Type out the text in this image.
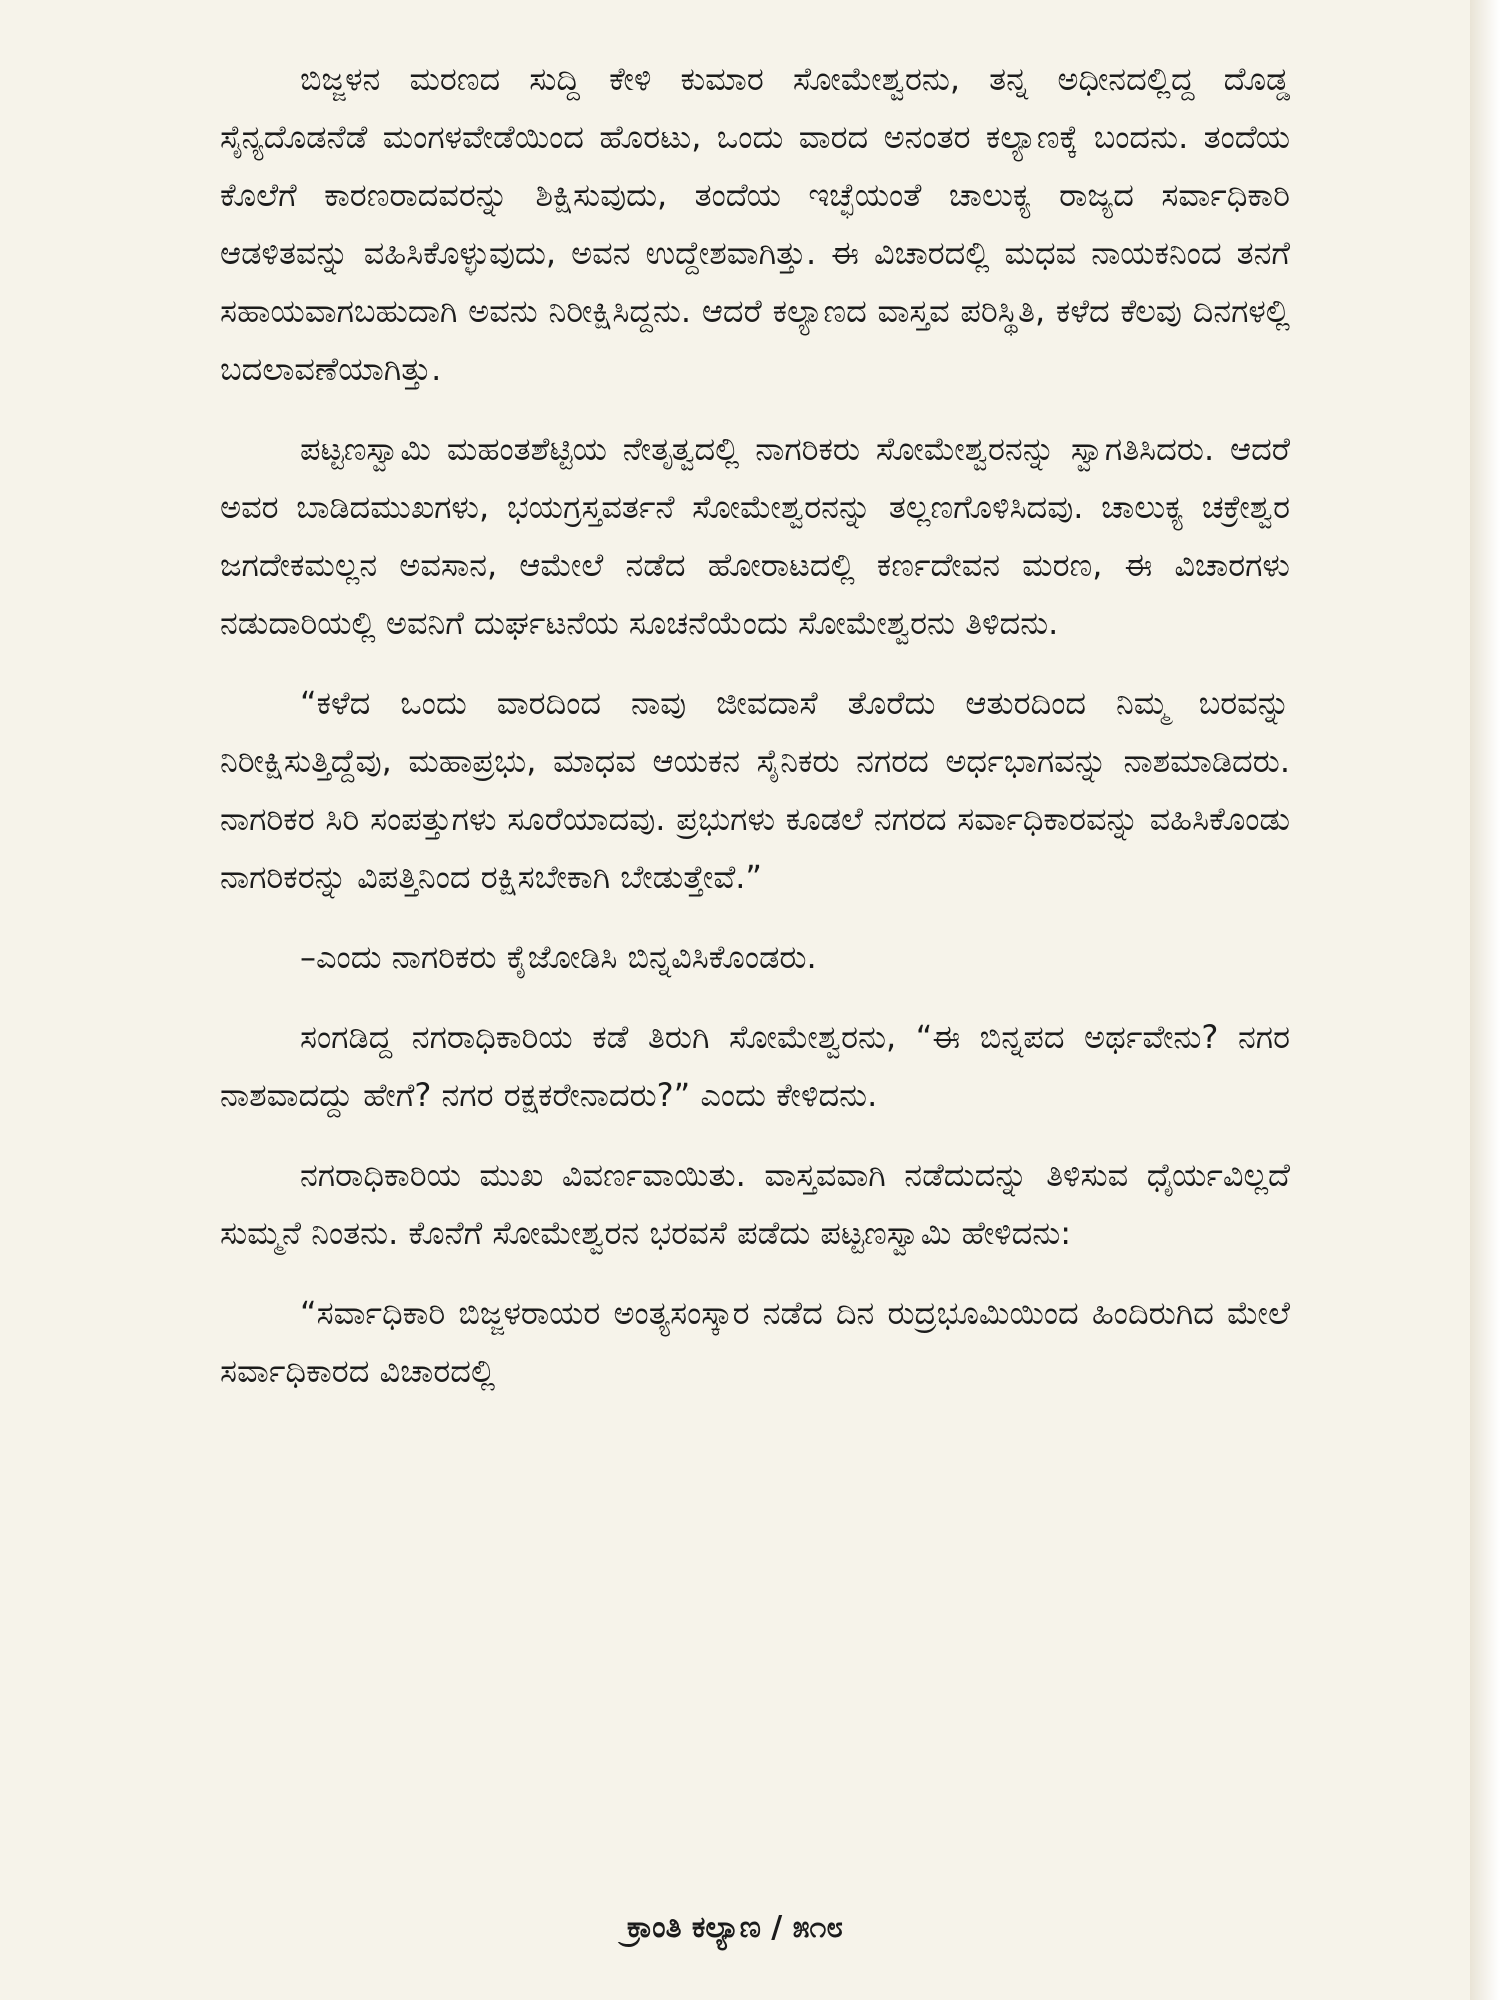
ಬಿಜ್ಜಳನ ಮರಣದ ಸುದ್ದಿ ಕೇಳಿ ಕುಮಾರ ಸೋಮೇಶ್ವರನು, ತನ್ನ ಅಧೀನದಲ್ಲಿದ್ದ ದೊಡ್ಡ ಸೈನ್ಯದೊಡನೆಡೆ ಮಂಗಳವೇಡೆಯಿಂದ ಹೊರಟು, ಒಂದು ವಾರದ ಅನಂತರ ಕಲ್ಯಾಣಕ್ಕೆ ಬಂದನು. ತಂದೆಯ ಕೊಲೆಗೆ ಕಾರಣರಾದವರನ್ನು ಶಿಕ್ಷಿಸುವುದು, ತಂದೆಯ ಇಚ್ಛೆಯಂತೆ ಚಾಲುಕ್ಯ ರಾಜ್ಯದ ಸರ್ವಾಧಿಕಾರಿ ಆಡಳಿತವನ್ನು ವಹಿಸಿಕೊಳ್ಳುವುದು, ಅವನ ಉದ್ದೇಶವಾಗಿತ್ತು. ಈ ವಿಚಾರದಲ್ಲಿ ಮಧವ ನಾಯಕನಿಂದ ತನಗೆ ಸಹಾಯವಾಗಬಹುದಾಗಿ ಅವನು ನಿರೀಕ್ಷಿಸಿದ್ದನು. ಆದರೆ ಕಲ್ಯಾಣದ ವಾಸ್ತವ ಪರಿಸ್ಥಿತಿ, ಕಳೆದ ಕೆಲವು ದಿನಗಳಲ್ಲಿ ಬದಲಾವಣೆಯಾಗಿತ್ತು.

ಪಟ್ಟಣಸ್ವಾಮಿ ಮಹಂತಶೆಟ್ಟಿಯ ನೇತೃತ್ವದಲ್ಲಿ ನಾಗರಿಕರು ಸೋಮೇಶ್ವರನನ್ನು ಸ್ವಾಗತಿಸಿದರು. ಆದರೆ ಅವರ ಬಾಡಿದಮುಖಗಳು, ಭಯಗ್ರಸ್ತವರ್ತನೆ ಸೋಮೇಶ್ವರನನ್ನು ತಲ್ಲಣಗೊಳಿಸಿದವು. ಚಾಲುಕ್ಯ ಚಕ್ರೇಶ್ವರ ಜಗದೇಕಮಲ್ಲನ ಅವಸಾನ, ಆಮೇಲೆ ನಡೆದ ಹೋರಾಟದಲ್ಲಿ ಕರ್ಣದೇವನ ಮರಣ, ಈ ವಿಚಾರಗಳು ನಡುದಾರಿಯಲ್ಲಿ ಅವನಿಗೆ ದುರ್ಘಟನೆಯ ಸೂಚನೆಯೆಂದು ಸೋಮೇಶ್ವರನು ತಿಳಿದನು.

“ಕಳೆದ ಒಂದು ವಾರದಿಂದ ನಾವು ಜೀವದಾಸೆ ತೊರೆದು ಆತುರದಿಂದ ನಿಮ್ಮ ಬರವನ್ನು ನಿರೀಕ್ಷಿಸುತ್ತಿದ್ದೆವು, ಮಹಾಪ್ರಭು, ಮಾಧವ ಆಯಕನ ಸೈನಿಕರು ನಗರದ ಅರ್ಧಭಾಗವನ್ನು ನಾಶಮಾಡಿದರು. ನಾಗರಿಕರ ಸಿರಿ ಸಂಪತ್ತುಗಳು ಸೂರೆಯಾದವು. ಪ್ರಭುಗಳು ಕೂಡಲೆ ನಗರದ ಸರ್ವಾಧಿಕಾರವನ್ನು ವಹಿಸಿಕೊಂಡು ನಾಗರಿಕರನ್ನು ವಿಪತ್ತಿನಿಂದ ರಕ್ಷಿಸಬೇಕಾಗಿ ಬೇಡುತ್ತೇವೆ.”

–ಎಂದು ನಾಗರಿಕರು ಕೈಜೋಡಿಸಿ ಬಿನ್ನವಿಸಿಕೊಂಡರು.

ಸಂಗಡಿದ್ದ ನಗರಾಧಿಕಾರಿಯ ಕಡೆ ತಿರುಗಿ ಸೋಮೇಶ್ವರನು, “ಈ ಬಿನ್ನಪದ ಅರ್ಥವೇನು? ನಗರ ನಾಶವಾದದ್ದು ಹೇಗೆ? ನಗರ ರಕ್ಷಕರೇನಾದರು?” ಎಂದು ಕೇಳಿದನು.

ನಗರಾಧಿಕಾರಿಯ ಮುಖ ವಿವರ್ಣವಾಯಿತು. ವಾಸ್ತವವಾಗಿ ನಡೆದುದನ್ನು ತಿಳಿಸುವ ಧೈರ್ಯವಿಲ್ಲದೆ ಸುಮ್ಮನೆ ನಿಂತನು. ಕೊನೆಗೆ ಸೋಮೇಶ್ವರನ ಭರವಸೆ ಪಡೆದು ಪಟ್ಟಣಸ್ವಾಮಿ ಹೇಳಿದನು:

“ಸರ್ವಾಧಿಕಾರಿ ಬಿಜ್ಜಳರಾಯರ ಅಂತ್ಯಸಂಸ್ಕಾರ ನಡೆದ ದಿನ ರುದ್ರಭೂಮಿಯಿಂದ ಹಿಂದಿರುಗಿದ ಮೇಲೆ ಸರ್ವಾಧಿಕಾರದ ವಿಚಾರದಲ್ಲಿ

ಕ್ರಾಂತಿ ಕಲ್ಯಾಣ / ೫೧೮
